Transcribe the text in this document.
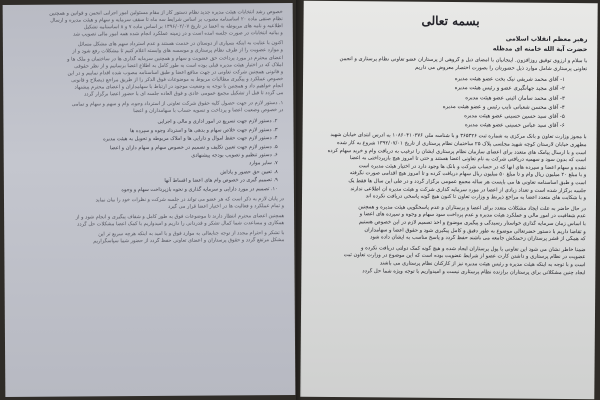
خصوص رشد انتخابات هیئت مدیره جدید نظام دستور کار از مقام مسئولین امور اجرایی انجمن و قوانین و همچنین
نظام صنفی ماده ۲۰ اساسنامه مصوب بر اساس شرایط سه ماه تا سقف سرمایه و سهام و هیئت مدیره و ارسال
اطلاعیه و نامه های مربوطه به اعضا در تاریخ ۱۳۹۶/۰۲/۰۷ بر اساس ماده ۷ و ۸ اساسنامه تشکیل
و بیانیه انتخابات در صورت جلسه آمده است و در زمینه عملکرد انجام شده همه امور مالی تصویب شد
اکنون با عنایت به اینکه بسیاری از دوستان در خدمت هستند و عدم استرداد سهم های مشکل مسائل
و موارد عضویت را از طرف نظام پرستاری و موسسه های وابسته اعلام کنیم تا مشکلات رفع شود و از
اعضای محترم در مورد پرداخت حق عضویت و سهام و همچنین سرمایه گذاری ها در ساختمان و ملک ها و
املاک که در اختیار هیئت مدیره قبلی بوده است به طور کامل به اطلاع اعضا برسانیم و از نظر حقوقی
و قانونی همچنین شرکت تعاونی در جهت منافع اعضا و طبق اساسنامه مصوب شده اقدام نماییم و در این
خصوص عملکرد و پیگیری مطالبات مربوط به موضوعات فوق الذکر را از طریق مراجع ذیصلاح و قانونی
انجام خواهیم داد و همچنین با توجه به وضعیت موجود در ارتباط با سهامداران و اعضای محترم پیشنهاد
می گردد تا قبل از تشکیل مجمع عمومی عادی و فوق العاده جلسه ای با حضور اعضا برگزار گردد
۱. دستور لازم در جهت حصول کلیه حقوق شرکت تعاونی از استرداد وجوه، وام و سهم و سهام و تمامی
در خصوص وضعیت اعضا و پرداخت و تسویه حساب با سهامداران و اعضا
۲. دستور لازم جهت تسریع در امور اداری و مالی و اجرایی
۳. دستور لازم جهت خلاص سهام و بدهی ها و استرداد وجوه و سپرده ها
۴. دستور لازم جهت حفظ اموال و دارایی ها و املاک مربوطه و تحویل به هیئت مدیره
۵. دستور لازم جهت تعیین تکلیف و تصمیم در خصوص سهام و سهام داران و اعضا
۶. دستور تنظیم و تصویب بودجه پیشنهادی
۷. سایر موارد
۸. تعیین حق حضور و پاداش
۹. تصمیم گیری در خصوص وام های اعضا و اقساط آنها
۱۰. تصمیم در مورد دارایی و سرمایه گذاری و نحوه بازپرداخت سهام و وجوه
در پایان لازم به ذکر است که هر عضو می تواند در جلسه شرکت و نظرات خود را بیان نماید
و تمام عملکرد و فعالیت ها در اختیار اعضا قرار می گیرد
همچنین اعضای محترم انتظار دارند تا موضوعات فوق به طور کامل و شفاف پیگیری و انجام شود و از
همکاری و مساعدت شما کمال تشکر و قدردانی را داریم و امیدواریم با کمک اعضا مشکلات حل گردد
با تشکر و احترام مجدد از توجه جنابعالی به موارد فوق و با امید به اینکه هرچه سریع تر این
مشکل مرتفع گردد و حقوق پرستاران و اعضای تعاونی حفظ گردد از حضور شما سپاسگزاریم
بسمه تعالی
رهبر معظم انقلاب اسلامی
حضرت آیة الله خامنه ای مدظله
با سلام و آرزوی توفیق روزافزون. اینجانبان با امضای ذیل و گروهی از پرستاران عضو تعاونی نظام پرستاری و انجمن
تعاونی پرستاری شامل موارد ذیل حضورتان را بصورت اختصار معروض می داریم
۱- آقای محمد شریفی نیک بخت عضو هیئت مدیره
۲- آقای مجید جهانگیری عضو و رئیس هیئت مدیره
۳- آقای محمد سامان ائینی عضو هیئت مدیره
۴- آقای محسن شعبانی نایب رئیس و عضو هیئت مدیره
۵- آقای سید حسین حسینی عضو هیئت مدیره
۶- آقای سید عباس حسینی عضو هیئت مدیره
با مجوز وزارت تعاون و بانک مرکزی به شماره ثبت ۳۶۵۳۲۶ و با شناسه ملی ۱۰۸۶۰۴۱۰۳۷۶ به آدرس ابتدای خیابان شهید
مطهری خیابان لارستان کوچه شهید مجلسی پلاک ۲۵ ساختمان نظام پرستاری از تاریخ ۱۳۹۲/۰۷/۰۱ شروع به کار شده
است و با ارسال پیامک های متعدد برای اعضای سازمان نظام پرستاری ایشان را ترغیب به دریافت وام و خرید سهام کرده
است که بدون سود و سهمیه دریافتی شرکت به نام تعاونی اعضا هستند و حتی تا امروز هیچ بازپرداختی به اعضا
نشده و سهام اعضا و سپرده های آنها که در حساب شرکت و بانک ها وجود دارد در اختیار هیئت مدیره است
و با مبلغ ۲۰ میلیون ریال وام و تا مبلغ ۵۰ میلیون ریال سهام دریافت کرده و تا امروز هیچ اقدامی صورت نگرفته
است و طبق اساسنامه تعاونی ها می بایست هر ساله مجمع عمومی برگزار گردد و در طی این سال ها فقط یک
جلسه برگزار شده است و تعداد زیادی از اعضا در مورد سرمایه گذاری شرکت و هیئت مدیره آن اطلاعی ندارند
و با شکایت های متعدد اعضا به مراجع ذیربط و وزارت تعاون تا کنون هیچ گونه پاسخی دریافت نکرده اند
در حال حاضر به علت ایجاد مشکلات متعدد برای اعضا و پرستاران و عدم پاسخگویی هیئت مدیره و همچنین
عدم شفافیت در امور مالی و عملکرد هیئت مدیره و عدم پرداخت سود سهام و وجوه و سپرده های اعضا و
با اساس زمان سرمایه گذاری خواستار رسیدگی و پیگیری موضوع و اخذ تصمیم لازم در این خصوص هستیم
و تقاضا داریم با دستور حضرتعالی موضوع به طور دقیق و کامل پیگیری شود و حقوق اعضا و سهامداران
که همگی از قشر پرستاران زحمتکش جامعه می باشند حفظ گردد و پاسخ مناسب به ایشان داده شود
ضمنا خاطر نشان می شود این تعاونی با پول پرستاران ایجاد شده و هیچ گونه کمک دولتی دریافت نکرده و
عضویت در نظام پرستاری و داشتن کارت عضو از شرایط عضویت بوده است که این موضوع در وزارت تعاون ثبت
است و با توجه به اینکه هیئت مدیره و رئیس هیئت مدیره نیز از کارکنان نظام پرستاری می باشند
ایجاد چنین مشکلاتی برای پرستاران برازنده نظام پرستاری نیست و امیدواریم با توجه ویژه شما حل گردد
